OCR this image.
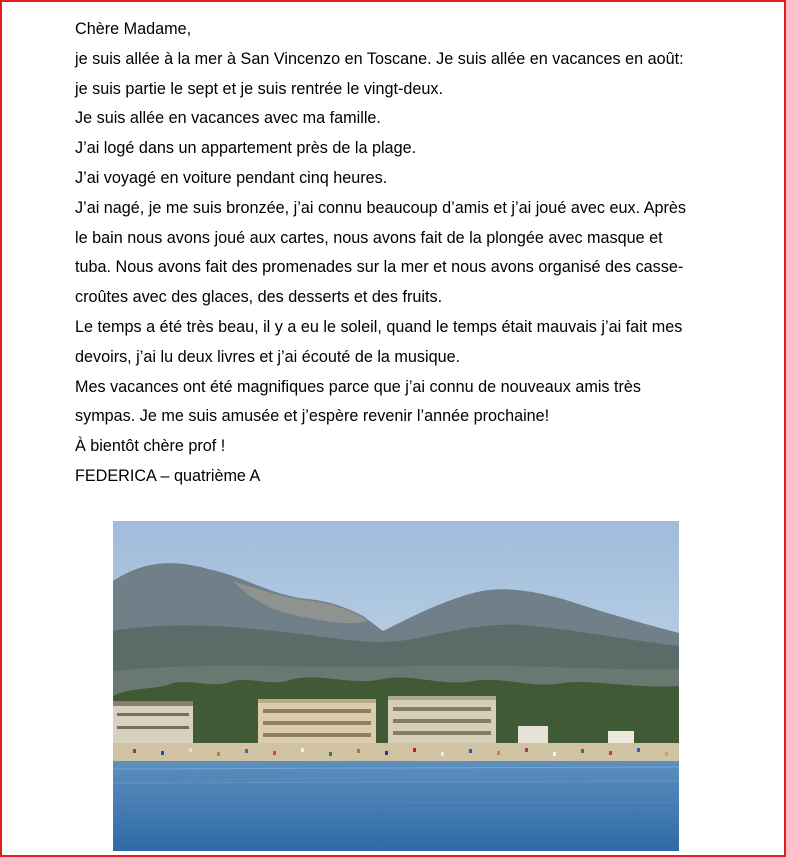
Chère Madame,

je suis allée à la mer à San Vincenzo en Toscane. Je suis allée en vacances en août:

je suis partie le sept et je suis rentrée le vingt-deux.

Je suis allée en vacances avec ma famille.

J’ai logé dans un appartement près de la plage.

J’ai voyagé en voiture pendant cinq heures.

J’ai nagé, je me suis bronzée, j’ai connu beaucoup d’amis et j’ai joué avec eux. Après

le bain nous avons joué aux cartes, nous avons fait de la plongée avec masque et

tuba. Nous avons fait des promenades sur la mer et nous avons organisé des casse-

croûtes avec des glaces, des desserts et des fruits.

Le temps a été très beau, il y a eu le soleil, quand le temps était mauvais j’ai fait mes

devoirs, j’ai lu deux livres et j’ai écouté de la musique.

Mes vacances ont été magnifiques parce que j’ai connu de nouveaux amis très

sympas. Je me suis amusée et j’espère revenir l’année prochaine!

À bientôt chère prof !

FEDERICA – quatrième A
